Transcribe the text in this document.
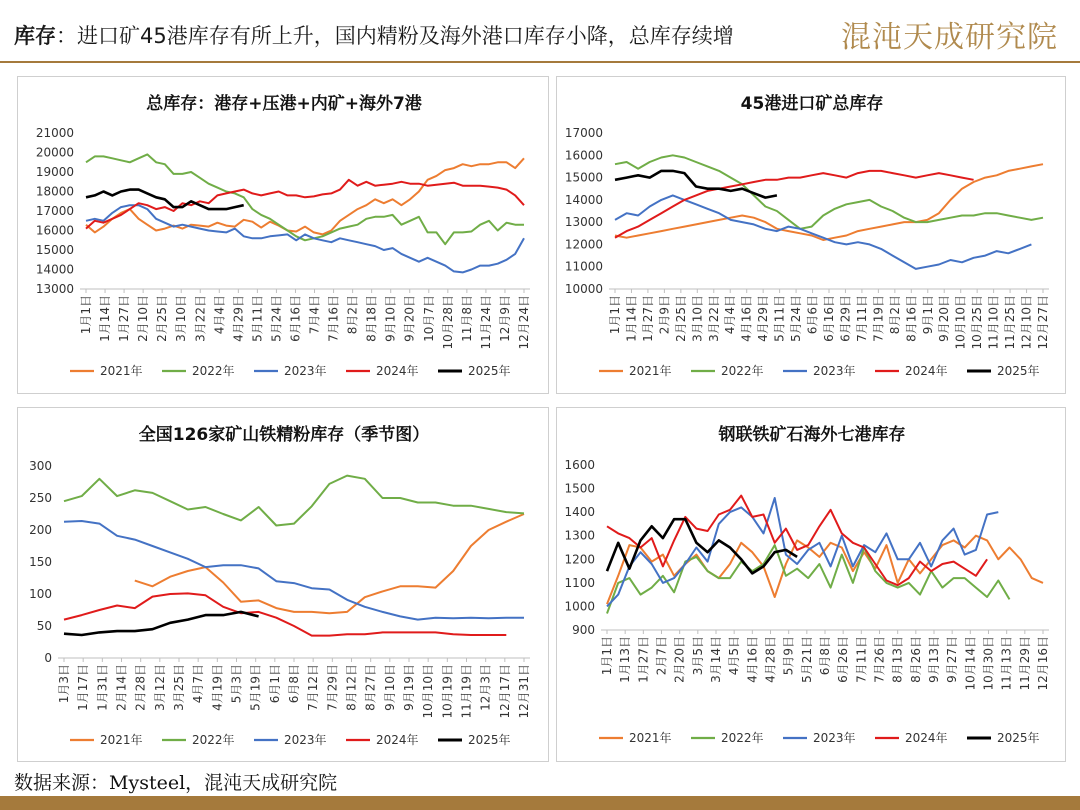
库存：进口矿45港库存有所上升，国内精粉及海外港口库存小降，总库存续增	混沌天成研究院
总库存：港存+压港+内矿+海外7港
13000
14000
15000
16000
17000
18000
19000
20000
21000
1月1日 1月14日 1月27日 2月10日 2月25日 3月10日 3月22日 4月4日 4月29日 5月11日 5月24日 6月16日 7月4日 7月16日 8月2日 8月18日 9月10日 9月20日 10月7日 10月28日 11月8日 11月24日 12月9日 12月24日
2021年	2022年	2023年	2024年	2025年
45港进口矿总库存
10000
11000
12000
13000
14000
15000
16000
17000
1月1日 1月14日 1月27日 2月9日 2月25日 3月10日 3月22日 4月4日 4月16日 4月29日 5月11日 5月24日 6月6日 6月16日 6月29日 7月11日 7月19日 8月2日 8月16日 9月1日 9月20日 10月10日 10月25日 11月10日 11月25日 12月10日 12月27日
2021年	2022年	2023年	2024年	2025年
全国126家矿山铁精粉库存（季节图）
0
50
100
150
200
250
300
1月3日 1月17日 1月31日 2月14日 2月28日 3月12日 3月25日 4月7日 4月19日 5月3日 5月19日 6月1日 6月8日 7月12日 7月29日 8月12日 8月27日 9月10日 9月19日 10月10日 10月19日 11月19日 12月3日 12月17日 12月31日
2021年	2022年	2023年	2024年	2025年
钢联铁矿石海外七港库存
900
1000
1100
1200
1300
1400
1500
1600
1月1日 1月13日 1月27日 2月7日 2月20日 3月5日 3月14日 4月5日 4月16日 4月28日 5月9日 5月21日 6月8日 6月26日 7月11日 7月26日 8月13日 8月26日 9月13日 9月27日 10月14日 10月30日 11月13日 11月29日 12月16日
2021年	2022年	2023年	2024年	2025年
数据来源：Mysteel，混沌天成研究院
